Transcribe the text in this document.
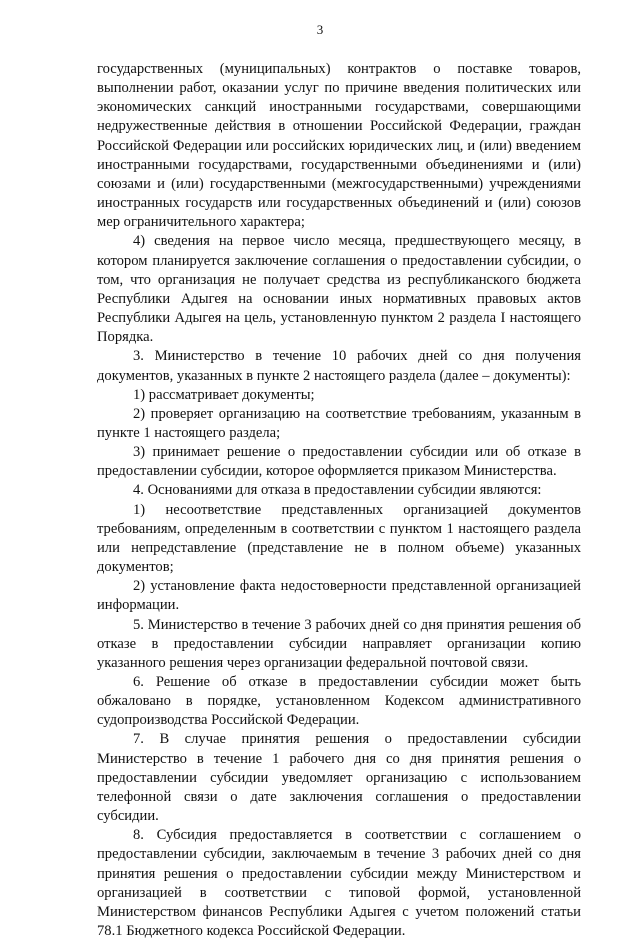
3

государственных (муниципальных) контрактов о поставке товаров, выполнении работ, оказании услуг по причине введения политических или экономических санкций иностранными государствами, совершающими недружественные действия в отношении Российской Федерации, граждан Российской Федерации или российских юридических лиц, и (или) введением иностранными государствами, государственными объединениями и (или) союзами и (или) государственными (межгосударственными) учреждениями иностранных государств или государственных объединений и (или) союзов мер ограничительного характера;

4) сведения на первое число месяца, предшествующего месяцу, в котором планируется заключение соглашения о предоставлении субсидии, о том, что организация не получает средства из республиканского бюджета Республики Адыгея на основании иных нормативных правовых актов Республики Адыгея на цель, установленную пунктом 2 раздела I настоящего Порядка.

3. Министерство в течение 10 рабочих дней со дня получения документов, указанных в пункте 2 настоящего раздела (далее – документы):

1) рассматривает документы;

2) проверяет организацию на соответствие требованиям, указанным в пункте 1 настоящего раздела;

3) принимает решение о предоставлении субсидии или об отказе в предоставлении субсидии, которое оформляется приказом Министерства.

4. Основаниями для отказа в предоставлении субсидии являются:

1) несоответствие представленных организацией документов требованиям, определенным в соответствии с пунктом 1 настоящего раздела или непредставление (представление не в полном объеме) указанных документов;

2) установление факта недостоверности представленной организацией информации.

5. Министерство в течение 3 рабочих дней со дня принятия решения об отказе в предоставлении субсидии направляет организации копию указанного решения через организации федеральной почтовой связи.

6. Решение об отказе в предоставлении субсидии может быть обжаловано в порядке, установленном Кодексом административного судопроизводства Российской Федерации.

7. В случае принятия решения о предоставлении субсидии Министерство в течение 1 рабочего дня со дня принятия решения о предоставлении субсидии уведомляет организацию с использованием телефонной связи о дате заключения соглашения о предоставлении субсидии.

8. Субсидия предоставляется в соответствии с соглашением о предоставлении субсидии, заключаемым в течение 3 рабочих дней со дня принятия решения о предоставлении субсидии между Министерством и организацией в соответствии с типовой формой, установленной Министерством финансов Республики Адыгея с учетом положений статьи 78.1 Бюджетного кодекса Российской Федерации.
